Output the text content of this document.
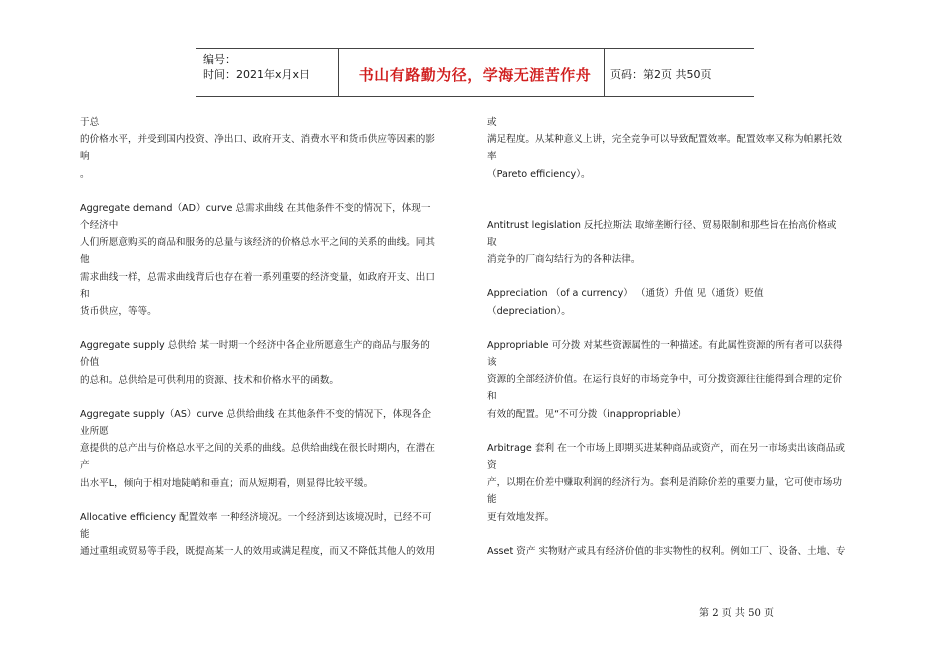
编号：
时间：2021年x月x日	书山有路勤为径，学海无涯苦作舟	页码：第2页 共50页
于总
的价格水平，并受到国内投资、净出口、政府开支、消费水平和货币供应等因素的影
响
。
Aggregate demand（AD）curve 总需求曲线 在其他条件不变的情况下，体现一
个经济中
人们所愿意购买的商品和服务的总量与该经济的价格总水平之间的关系的曲线。同其
他
需求曲线一样，总需求曲线背后也存在着一系列重要的经济变量，如政府开支、出口
和
货币供应，等等。
Aggregate supply 总供给 某一时期一个经济中各企业所愿意生产的商品与服务的
价值
的总和。总供给是可供利用的资源、技术和价格水平的函数。
Aggregate supply（AS）curve 总供给曲线 在其他条件不变的情况下，体现各企
业所愿
意提供的总产出与价格总水平之间的关系的曲线。总供给曲线在很长时期内，在潜在
产
出水平L，倾向于相对地陡峭和垂直；而从短期看，则显得比较平缓。
Allocative efficiency 配置效率 一种经济境况。一个经济到达该境况时，已经不可
能
通过重组或贸易等手段，既提高某一人的效用或满足程度，而又不降低其他人的效用
或
满足程度。从某种意义上讲，完全竞争可以导致配置效率。配置效率又称为帕累托效
率
（Pareto efficiency）。
Antitrust legislation 反托拉斯法 取缔垄断行径、贸易限制和那些旨在抬高价格或
取
消竞争的厂商勾结行为的各种法律。
Appreciation （of a currency） （通货）升值 见（通货）贬值
（depreciation）。
Appropriable 可分拨 对某些资源属性的一种描述。有此属性资源的所有者可以获得
该
资源的全部经济价值。在运行良好的市场竞争中，可分拨资源往往能得到合理的定价
和
有效的配置。见“不可分拨（inappropriable）
Arbitrage 套利 在一个市场上即期买进某种商品或资产，而在另一市场卖出该商品或
资
产，以期在价差中赚取利润的经济行为。套利是消除价差的重要力量，它可使市场功
能
更有效地发挥。
Asset 资产 实物财产或具有经济价值的非实物性的权利。例如工厂、设备、土地、专
第 2 页 共 50 页
